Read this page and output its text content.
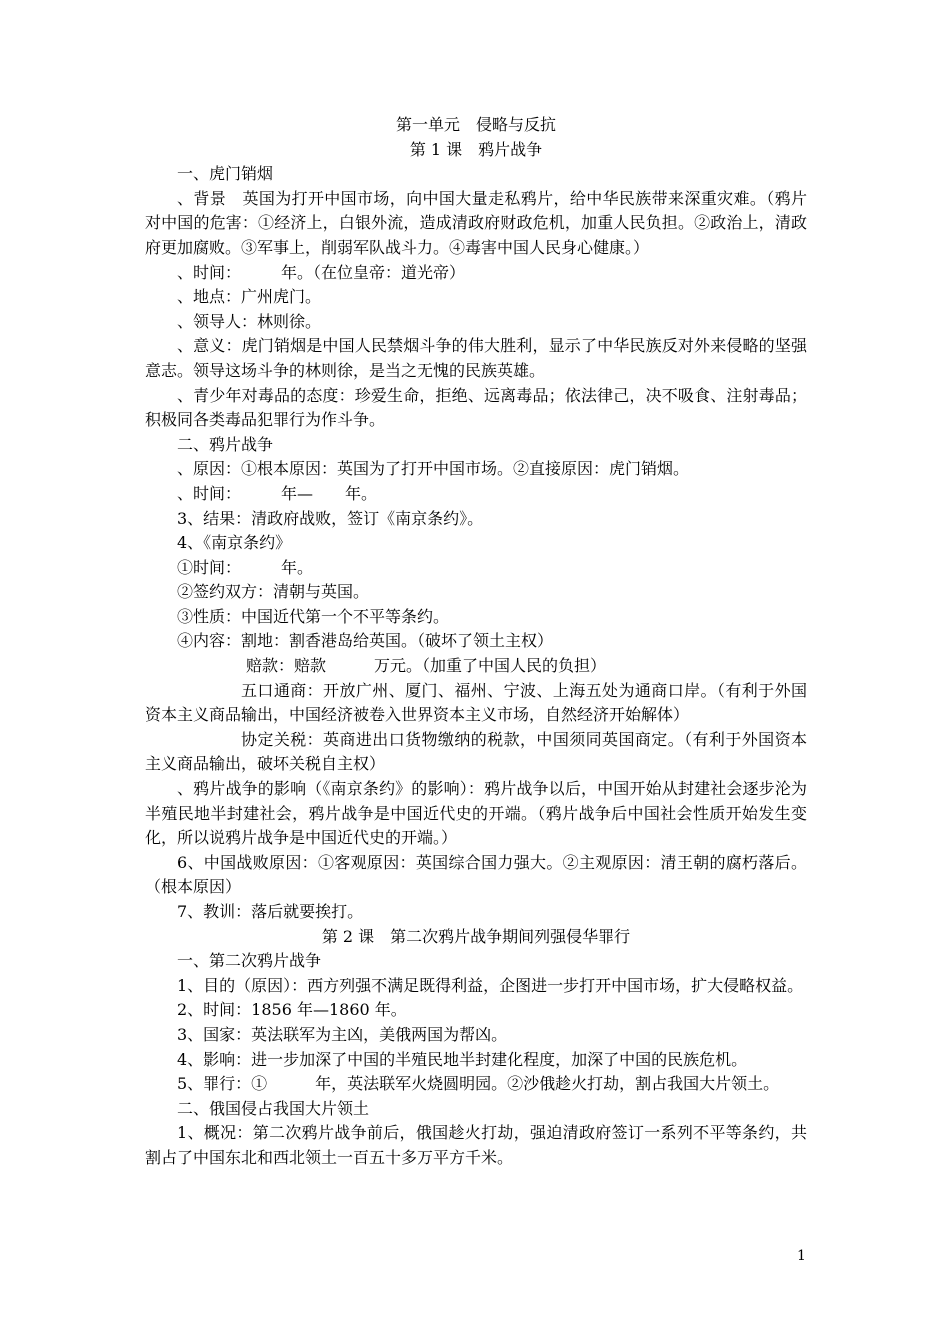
第一单元　侵略与反抗

第 1 课　鸦片战争

一、虎门销烟

、背景　英国为打开中国市场，向中国大量走私鸦片，给中华民族带来深重灾难。（鸦片对中国的危害：①经济上，白银外流，造成清政府财政危机，加重人民负担。②政治上，清政府更加腐败。③军事上，削弱军队战斗力。④毒害中国人民身心健康。）

、时间：　　　年。（在位皇帝：道光帝）

、地点：广州虎门。

、领导人：林则徐。

、意义：虎门销烟是中国人民禁烟斗争的伟大胜利，显示了中华民族反对外来侵略的坚强意志。领导这场斗争的林则徐，是当之无愧的民族英雄。

、青少年对毒品的态度：珍爱生命，拒绝、远离毒品；依法律己，决不吸食、注射毒品；积极同各类毒品犯罪行为作斗争。

二、鸦片战争

、原因：①根本原因：英国为了打开中国市场。②直接原因：虎门销烟。

、时间：　　　年—　　年。

3、结果：清政府战败，签订《南京条约》。

4、《南京条约》

①时间：　　　年。

②签约双方：清朝与英国。

③性质：中国近代第一个不平等条约。

④内容：割地：割香港岛给英国。（破坏了领土主权）

赔款：赔款　　　万元。（加重了中国人民的负担）

五口通商：开放广州、厦门、福州、宁波、上海五处为通商口岸。（有利于外国资本主义商品输出，中国经济被卷入世界资本主义市场，自然经济开始解体）

协定关税：英商进出口货物缴纳的税款，中国须同英国商定。（有利于外国资本主义商品输出，破坏关税自主权）

、鸦片战争的影响（《南京条约》的影响）：鸦片战争以后，中国开始从封建社会逐步沦为半殖民地半封建社会，鸦片战争是中国近代史的开端。（鸦片战争后中国社会性质开始发生变化，所以说鸦片战争是中国近代史的开端。）

6、中国战败原因：①客观原因：英国综合国力强大。②主观原因：清王朝的腐朽落后。（根本原因）

7、教训：落后就要挨打。

第 2 课　第二次鸦片战争期间列强侵华罪行

一、第二次鸦片战争

1、目的（原因）：西方列强不满足既得利益，企图进一步打开中国市场，扩大侵略权益。

2、时间：1856 年—1860 年。

3、国家：英法联军为主凶，美俄两国为帮凶。

4、影响：进一步加深了中国的半殖民地半封建化程度，加深了中国的民族危机。

5、罪行：①　　　年，英法联军火烧圆明园。②沙俄趁火打劫，割占我国大片领土。

二、俄国侵占我国大片领土

1、概况：第二次鸦片战争前后，俄国趁火打劫，强迫清政府签订一系列不平等条约，共割占了中国东北和西北领土一百五十多万平方千米。

1
